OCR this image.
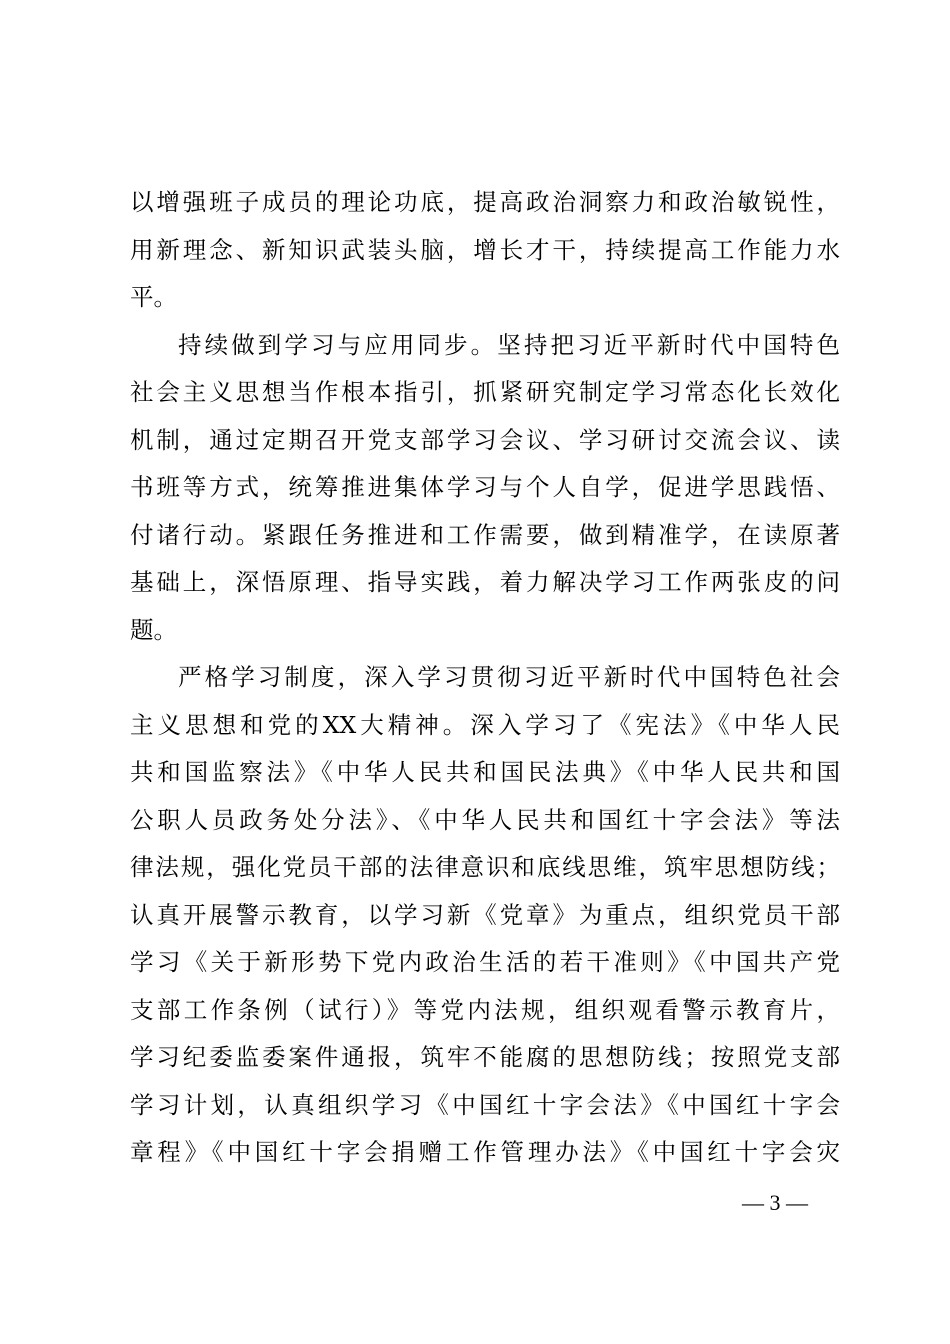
以增强班子成员的理论功底，提高政治洞察力和政治敏锐性，
用新理念、新知识武装头脑，增长才干，持续提高工作能力水
平。
持续做到学习与应用同步。坚持把习近平新时代中国特色
社会主义思想当作根本指引，抓紧研究制定学习常态化长效化
机制，通过定期召开党支部学习会议、学习研讨交流会议、读
书班等方式，统筹推进集体学习与个人自学，促进学思践悟、
付诸行动。紧跟任务推进和工作需要，做到精准学，在读原著
基础上，深悟原理、指导实践，着力解决学习工作两张皮的问
题。
严格学习制度，深入学习贯彻习近平新时代中国特色社会
主义思想和党的XX大精神。深入学习了《宪法》《中华人民
共和国监察法》《中华人民共和国民法典》《中华人民共和国
公职人员政务处分法》、《中华人民共和国红十字会法》等法
律法规，强化党员干部的法律意识和底线思维，筑牢思想防线；
认真开展警示教育，以学习新《党章》为重点，组织党员干部
学习《关于新形势下党内政治生活的若干准则》《中国共产党
支部工作条例（试行）》等党内法规，组织观看警示教育片，
学习纪委监委案件通报，筑牢不能腐的思想防线；按照党支部
学习计划，认真组织学习《中国红十字会法》《中国红十字会
章程》《中国红十字会捐赠工作管理办法》《中国红十字会灾
— 3 —
